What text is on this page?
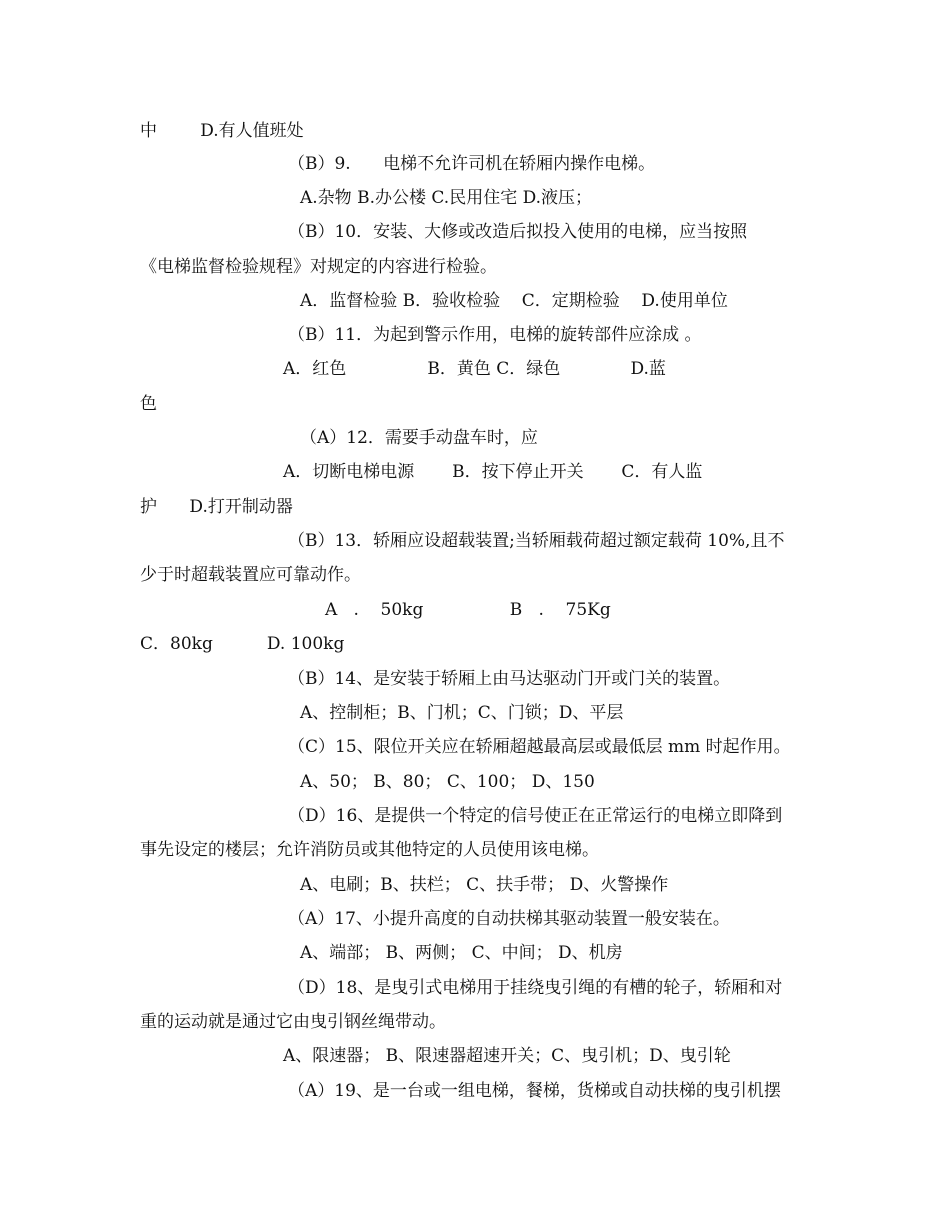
中        D.有人值班处
（B）9.      电梯不允许司机在轿厢内操作电梯。
A.杂物 B.办公楼 C.民用住宅 D.液压；
（B）10．安装、大修或改造后拟投入使用的电梯，应当按照
《电梯监督检验规程》对规定的内容进行检验。
A．监督检验 B．验收检验    C．定期检验    D.使用单位
（B）11．为起到警示作用，电梯的旋转部件应涂成 。
A．红色               B．黄色 C．绿色             D.蓝
色
（A）12．需要手动盘车时，应
A．切断电梯电源       B．按下停止开关       C．有人监
护      D.打开制动器
（B）13．轿厢应设超载装置;当轿厢载荷超过额定载荷 10%,且不
少于时超载装置应可靠动作。
A   .    50kg                B   .    75Kg
C．80kg          D. 100kg
（B）14、是安装于轿厢上由马达驱动门开或门关的装置。
A、控制柜；B、门机；C、门锁；D、平层
（C）15、限位开关应在轿厢超越最高层或最低层 mm 时起作用。
A、50； B、80； C、100； D、150
（D）16、是提供一个特定的信号使正在正常运行的电梯立即降到
事先设定的楼层；允许消防员或其他特定的人员使用该电梯。
A、电刷；B、扶栏； C、扶手带； D、火警操作
（A）17、小提升高度的自动扶梯其驱动装置一般安装在。
A、端部； B、两侧； C、中间； D、机房
（D）18、是曳引式电梯用于挂绕曳引绳的有槽的轮子，轿厢和对
重的运动就是通过它由曳引钢丝绳带动。
A、限速器； B、限速器超速开关；C、曳引机；D、曳引轮
（A）19、是一台或一组电梯，餐梯，货梯或自动扶梯的曳引机摆
